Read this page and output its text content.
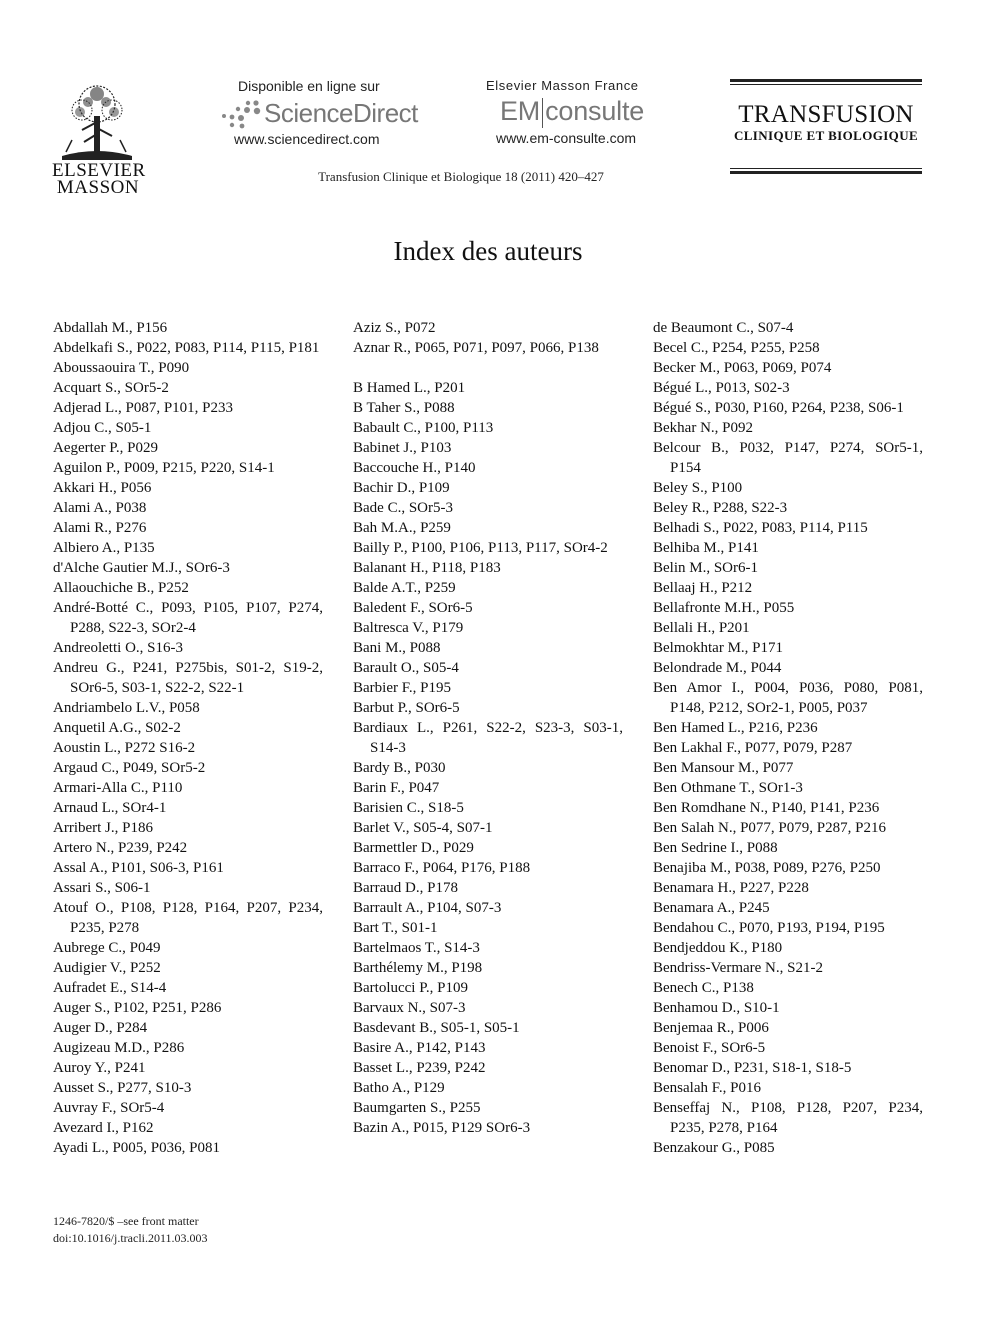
ELSEVIER
MASSON
Disponible en ligne sur
ScienceDirect
www.sciencedirect.com
Elsevier Masson France
EM consulte
www.em-consulte.com
Transfusion Clinique et Biologique 18 (2011) 420–427
TRANSFUSION
CLINIQUE ET BIOLOGIQUE
Index des auteurs
Abdallah M., P156
Abdelkafi S., P022, P083, P114, P115, P181
Aboussaouira T., P090
Acquart S., SOr5-2
Adjerad L., P087, P101, P233
Adjou C., S05-1
Aegerter P., P029
Aguilon P., P009, P215, P220, S14-1
Akkari H., P056
Alami A., P038
Alami R., P276
Albiero A., P135
d'Alche Gautier M.J., SOr6-3
Allaouchiche B., P252
André-Botté C., P093, P105, P107, P274, P288, S22-3, SOr2-4
Andreoletti O., S16-3
Andreu G., P241, P275bis, S01-2, S19-2, SOr6-5, S03-1, S22-2, S22-1
Andriambelo L.V., P058
Anquetil A.G., S02-2
Aoustin L., P272 S16-2
Argaud C., P049, SOr5-2
Armari-Alla C., P110
Arnaud L., SOr4-1
Arribert J., P186
Artero N., P239, P242
Assal A., P101, S06-3, P161
Assari S., S06-1
Atouf O., P108, P128, P164, P207, P234, P235, P278
Aubrege C., P049
Audigier V., P252
Aufradet E., S14-4
Auger S., P102, P251, P286
Auger D., P284
Augizeau M.D., P286
Auroy Y., P241
Ausset S., P277, S10-3
Auvray F., SOr5-4
Avezard I., P162
Ayadi L., P005, P036, P081
Aziz S., P072
Aznar R., P065, P071, P097, P066, P138
B Hamed L., P201
B Taher S., P088
Babault C., P100, P113
Babinet J., P103
Baccouche H., P140
Bachir D., P109
Bade C., SOr5-3
Bah M.A., P259
Bailly P., P100, P106, P113, P117, SOr4-2
Balanant H., P118, P183
Balde A.T., P259
Baledent F., SOr6-5
Baltresca V., P179
Bani M., P088
Barault O., S05-4
Barbier F., P195
Barbut P., SOr6-5
Bardiaux L., P261, S22-2, S23-3, S03-1, S14-3
Bardy B., P030
Barin F., P047
Barisien C., S18-5
Barlet V., S05-4, S07-1
Barmettler D., P029
Barraco F., P064, P176, P188
Barraud D., P178
Barrault A., P104, S07-3
Bart T., S01-1
Bartelmaos T., S14-3
Barthélemy M., P198
Bartolucci P., P109
Barvaux N., S07-3
Basdevant B., S05-1, S05-1
Basire A., P142, P143
Basset L., P239, P242
Batho A., P129
Baumgarten S., P255
Bazin A., P015, P129 SOr6-3
de Beaumont C., S07-4
Becel C., P254, P255, P258
Becker M., P063, P069, P074
Bégué L., P013, S02-3
Bégué S., P030, P160, P264, P238, S06-1
Bekhar N., P092
Belcour B., P032, P147, P274, SOr5-1, P154
Beley S., P100
Beley R., P288, S22-3
Belhadi S., P022, P083, P114, P115
Belhiba M., P141
Belin M., SOr6-1
Bellaaj H., P212
Bellafronte M.H., P055
Bellali H., P201
Belmokhtar M., P171
Belondrade M., P044
Ben Amor I., P004, P036, P080, P081, P148, P212, SOr2-1, P005, P037
Ben Hamed L., P216, P236
Ben Lakhal F., P077, P079, P287
Ben Mansour M., P077
Ben Othmane T., SOr1-3
Ben Romdhane N., P140, P141, P236
Ben Salah N., P077, P079, P287, P216
Ben Sedrine I., P088
Benajiba M., P038, P089, P276, P250
Benamara H., P227, P228
Benamara A., P245
Bendahou C., P070, P193, P194, P195
Bendjeddou K., P180
Bendriss-Vermare N., S21-2
Benech C., P138
Benhamou D., S10-1
Benjemaa R., P006
Benoist F., SOr6-5
Benomar D., P231, S18-1, S18-5
Bensalah F., P016
Benseffaj N., P108, P128, P207, P234, P235, P278, P164
Benzakour G., P085
1246-7820/$ –see front matter
doi:10.1016/j.tracli.2011.03.003
